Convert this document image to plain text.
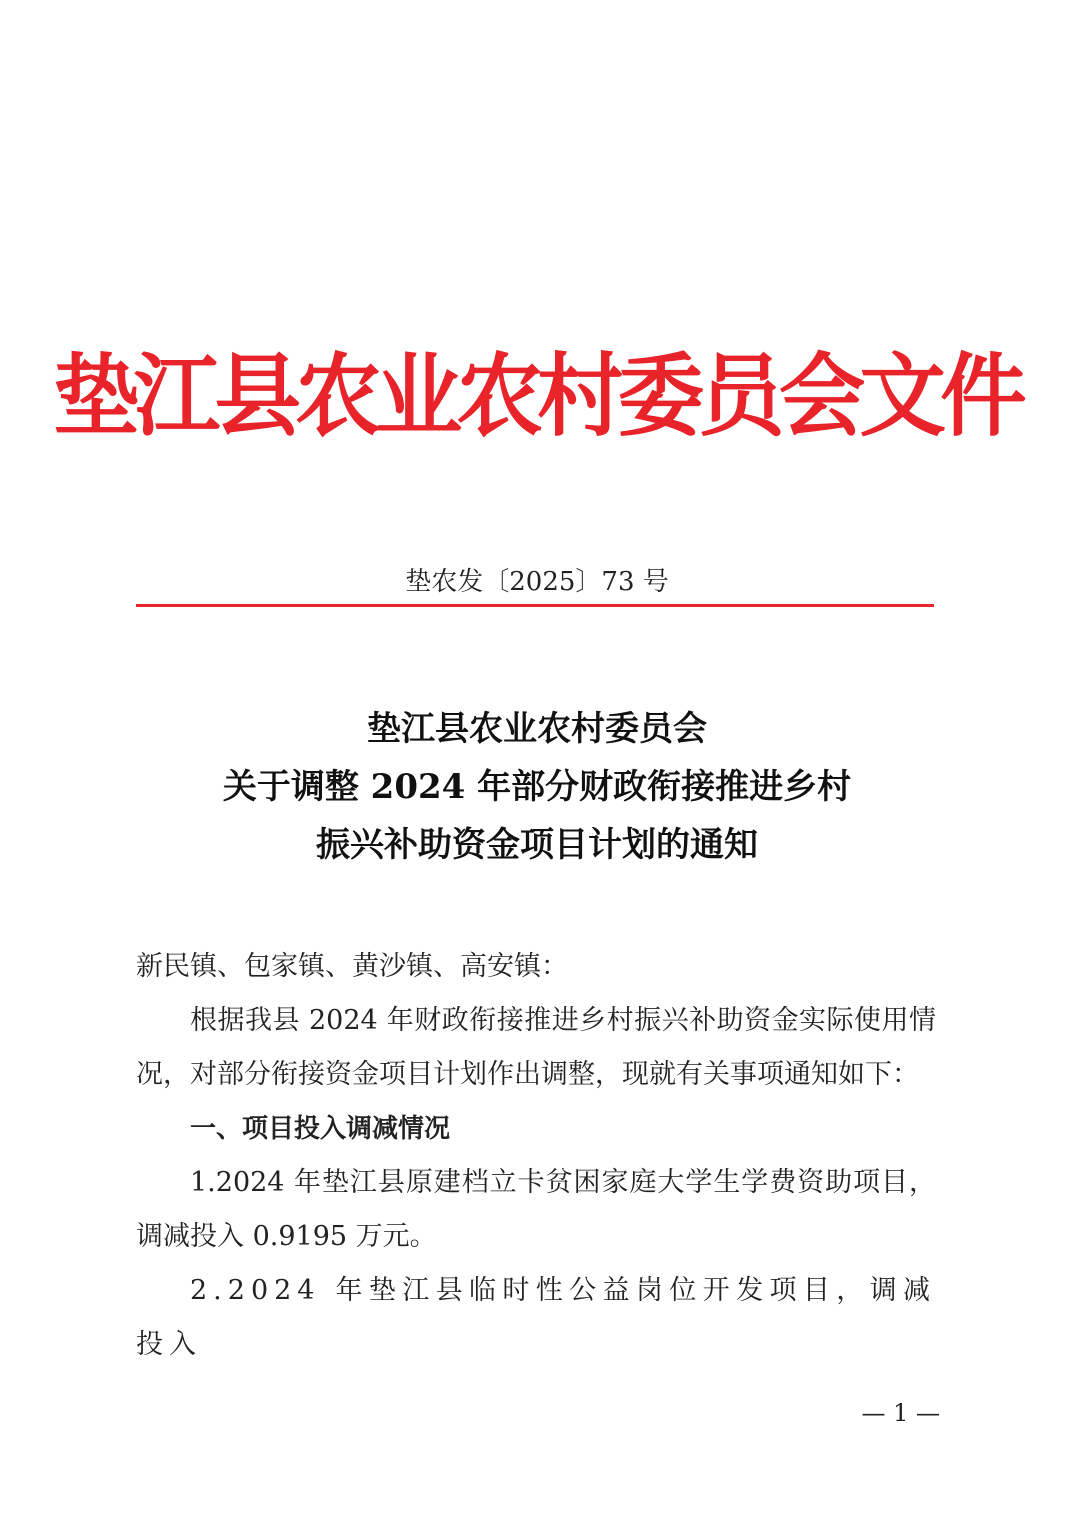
垫江县农业农村委员会文件
垫农发〔2025〕73 号
垫江县农业农村委员会
关于调整 2024 年部分财政衔接推进乡村
振兴补助资金项目计划的通知

新民镇、包家镇、黄沙镇、高安镇：

根据我县 2024 年财政衔接推进乡村振兴补助资金实际使用情况，对部分衔接资金项目计划作出调整，现就有关事项通知如下：

一、项目投入调减情况

1.2024 年垫江县原建档立卡贫困家庭大学生学费资助项目，调减投入 0.9195 万元。

2.2024 年垫江县临时性公益岗位开发项目，调减投入

— 1 —
